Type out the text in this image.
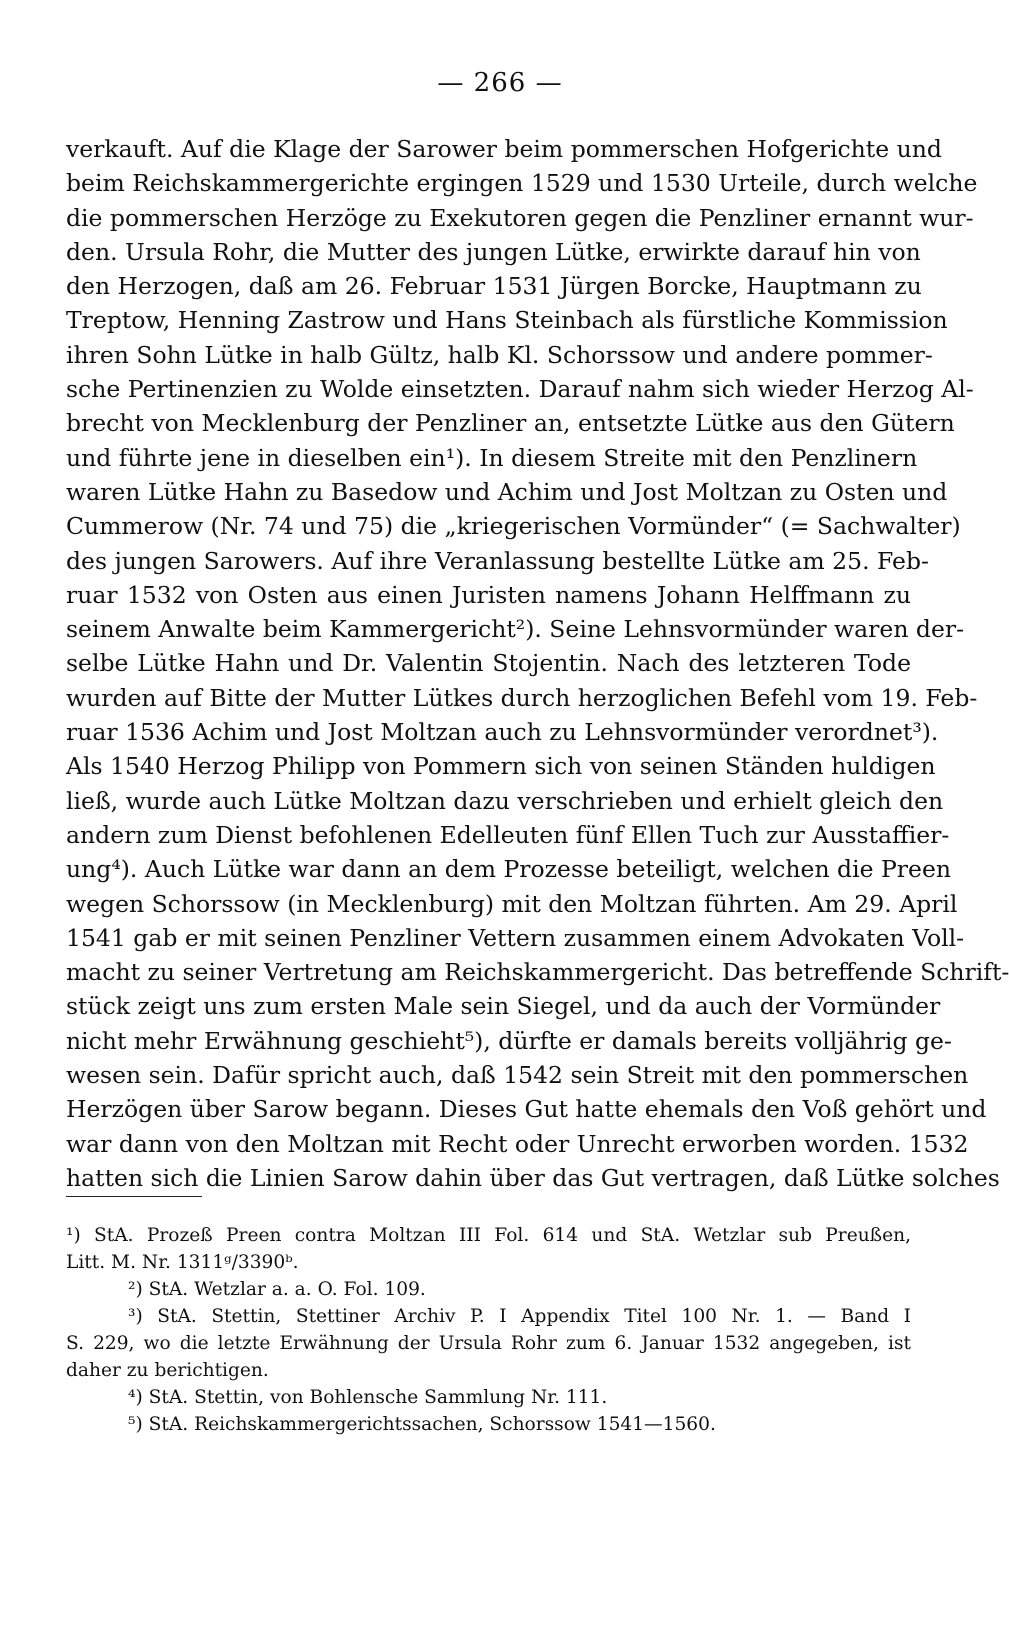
— 266 —
verkauft. Auf die Klage der Sarower beim pommerschen Hofgerichte und
beim Reichskammergerichte ergingen 1529 und 1530 Urteile, durch welche
die pommerschen Herzöge zu Exekutoren gegen die Penzliner ernannt wur-
den. Ursula Rohr, die Mutter des jungen Lütke, erwirkte darauf hin von
den Herzogen, daß am 26. Februar 1531 Jürgen Borcke, Hauptmann zu
Treptow, Henning Zastrow und Hans Steinbach als fürstliche Kommission
ihren Sohn Lütke in halb Gültz, halb Kl. Schorssow und andere pommer-
sche Pertinenzien zu Wolde einsetzten. Darauf nahm sich wieder Herzog Al-
brecht von Mecklenburg der Penzliner an, entsetzte Lütke aus den Gütern
und führte jene in dieselben ein¹). In diesem Streite mit den Penzlinern
waren Lütke Hahn zu Basedow und Achim und Jost Moltzan zu Osten und
Cummerow (Nr. 74 und 75) die „kriegerischen Vormünder“ (= Sachwalter)
des jungen Sarowers. Auf ihre Veranlassung bestellte Lütke am 25. Feb-
ruar 1532 von Osten aus einen Juristen namens Johann Helffmann zu
seinem Anwalte beim Kammergericht²). Seine Lehnsvormünder waren der-
selbe Lütke Hahn und Dr. Valentin Stojentin. Nach des letzteren Tode
wurden auf Bitte der Mutter Lütkes durch herzoglichen Befehl vom 19. Feb-
ruar 1536 Achim und Jost Moltzan auch zu Lehnsvormünder verordnet³).
Als 1540 Herzog Philipp von Pommern sich von seinen Ständen huldigen
ließ, wurde auch Lütke Moltzan dazu verschrieben und erhielt gleich den
andern zum Dienst befohlenen Edelleuten fünf Ellen Tuch zur Ausstaffier-
ung⁴). Auch Lütke war dann an dem Prozesse beteiligt, welchen die Preen
wegen Schorssow (in Mecklenburg) mit den Moltzan führten. Am 29. April
1541 gab er mit seinen Penzliner Vettern zusammen einem Advokaten Voll-
macht zu seiner Vertretung am Reichskammergericht. Das betreffende Schrift-
stück zeigt uns zum ersten Male sein Siegel, und da auch der Vormünder
nicht mehr Erwähnung geschieht⁵), dürfte er damals bereits volljährig ge-
wesen sein. Dafür spricht auch, daß 1542 sein Streit mit den pommerschen
Herzögen über Sarow begann. Dieses Gut hatte ehemals den Voß gehört und
war dann von den Moltzan mit Recht oder Unrecht erworben worden. 1532
hatten sich die Linien Sarow dahin über das Gut vertragen, daß Lütke solches
¹) StA. Prozeß Preen contra Moltzan III Fol. 614 und StA. Wetzlar sub Preußen,
Litt. M. Nr. 1311ᵍ/3390ᵇ.
²) StA. Wetzlar a. a. O. Fol. 109.
³) StA. Stettin, Stettiner Archiv P. I Appendix Titel 100 Nr. 1. — Band I
S. 229, wo die letzte Erwähnung der Ursula Rohr zum 6. Januar 1532 angegeben, ist
daher zu berichtigen.
⁴) StA. Stettin, von Bohlensche Sammlung Nr. 111.
⁵) StA. Reichskammergerichtssachen, Schorssow 1541—1560.
